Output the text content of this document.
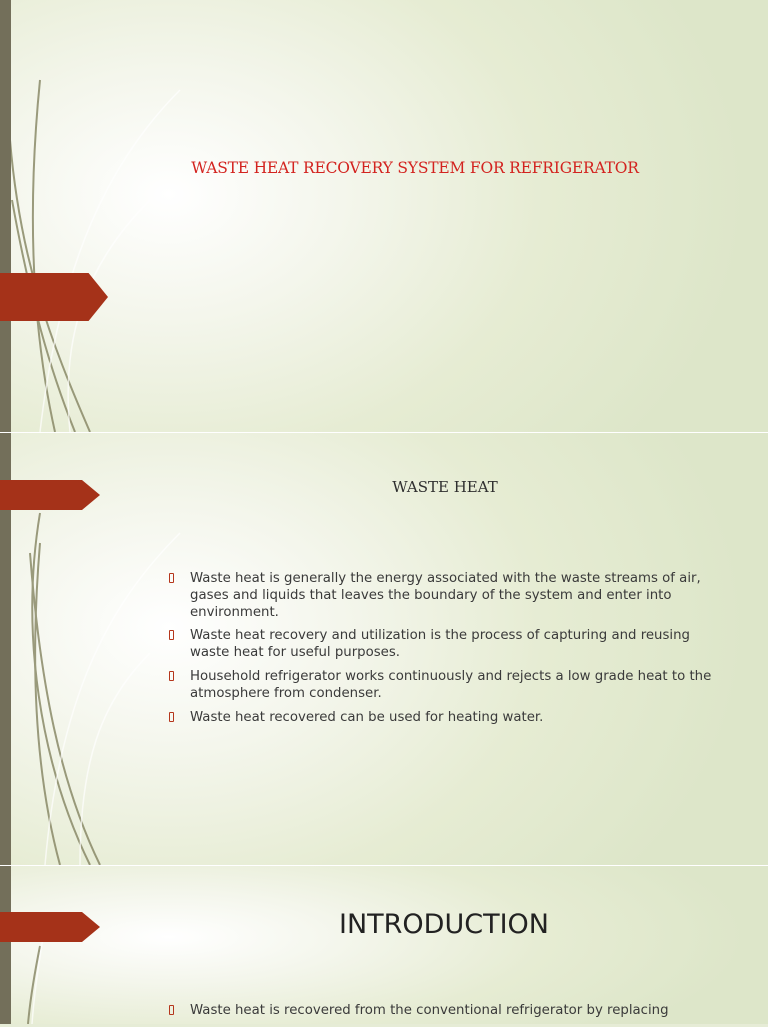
WASTE HEAT RECOVERY SYSTEM FOR REFRIGERATOR
WASTE HEAT
Waste heat is generally the energy associated with the waste streams of air, gases and liquids that leaves the boundary of the system and enter into environment.
Waste heat recovery and utilization is the process of capturing and reusing waste heat for useful purposes.
Household refrigerator works continuously and rejects a low grade heat to the atmosphere from condenser.
Waste heat recovered can be used for heating water.
INTRODUCTION
Waste heat is recovered from the conventional refrigerator by replacing
